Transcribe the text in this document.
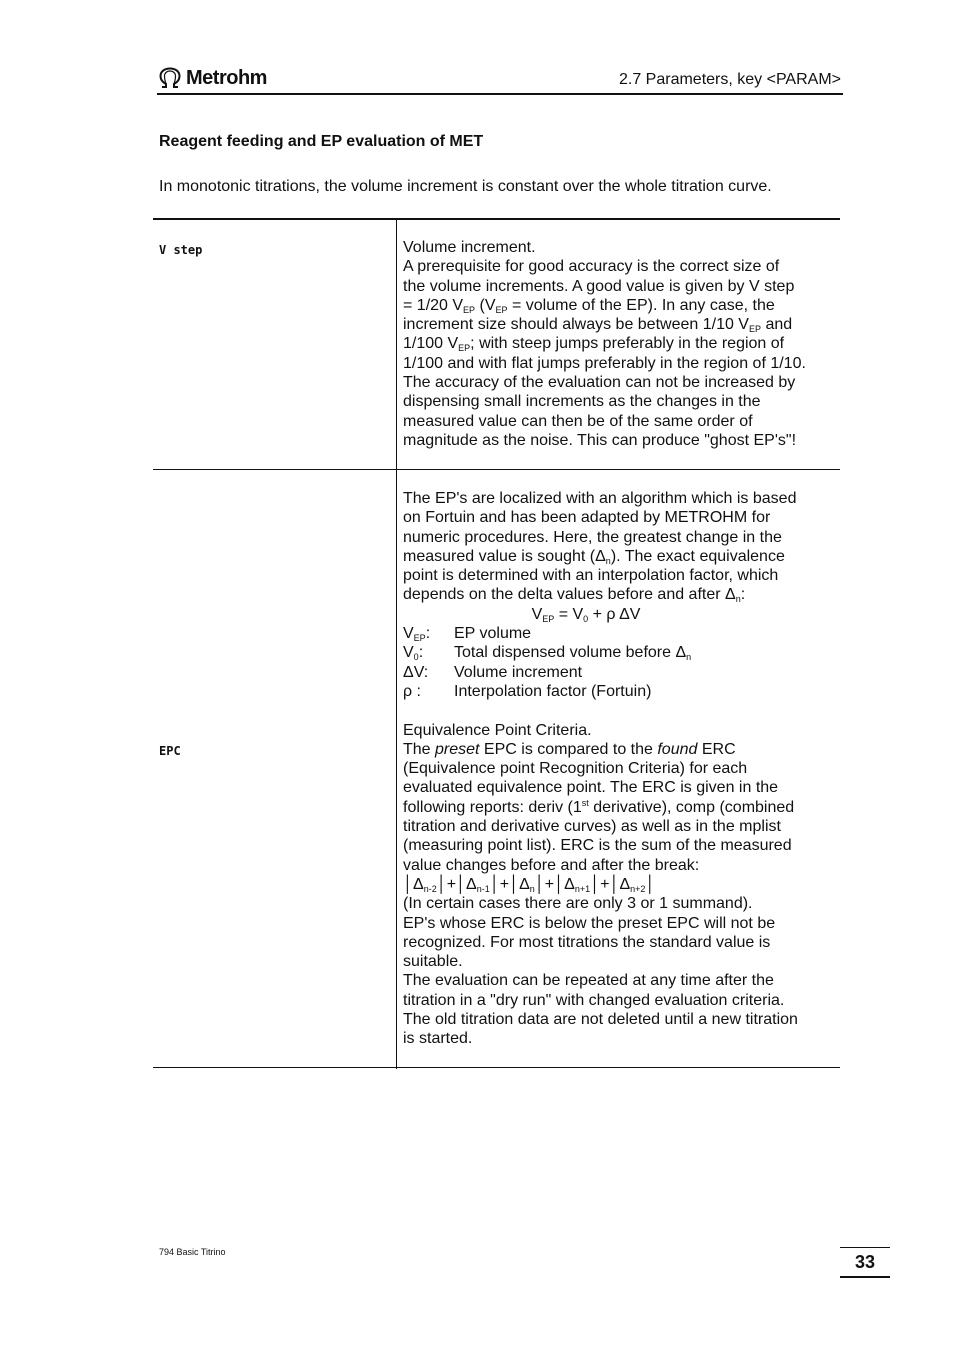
Metrohm	2.7 Parameters, key <PARAM>
Reagent feeding and EP evaluation of MET
In monotonic titrations, the volume increment is constant over the whole titration curve.
V step	Volume increment.

A prerequisite for good accuracy is the correct size of

the volume increments. A good value is given by V step

= 1/20 $V_{EP}$ ($V_{EP}$ = volume of the EP). In any case, the

increment size should always be between 1/10 $V_{EP}$ and

1/100 $V_{EP}$; with steep jumps preferably in the region of

1/100 and with flat jumps preferably in the region of 1/10.

The accuracy of the evaluation can not be increased by

dispensing small increments as the changes in the

measured value can then be of the same order of

magnitude as the noise. This can produce "ghost EP's"!

EPC

The EP's are localized with an algorithm which is based

on Fortuin and has been adapted by METROHM for

numeric procedures. Here, the greatest change in the

measured value is sought $(\Delta_n)$. The exact equivalence

point is determined with an interpolation factor, which

depends on the delta values before and after $\Delta_n$:

$V_{EP} = V_0 + \rho$ ΔV

$V_{EP}$:	EP volume
$V_0$:	Total dispensed volume before $\Delta_n$
ΔV:	Volume increment
ρ :	Interpolation factor (Fortuin)

Equivalence Point Criteria.

The preset EPC is compared to the found ERC

(Equivalence point Recognition Criteria) for each

evaluated equivalence point. The ERC is given in the

following reports: deriv (1st derivative), comp (combined

titration and derivative curves) as well as in the mplist

(measuring point list). ERC is the sum of the measured

value changes before and after the break:

$│\Delta_{n-2}│+│\Delta_{n-1}│+│\Delta_n│+│\Delta_{n+1}│+│\Delta_{n+2}│$

(In certain cases there are only 3 or 1 summand).

EP's whose ERC is below the preset EPC will not be

recognized. For most titrations the standard value is

suitable.

The evaluation can be repeated at any time after the

titration in a "dry run" with changed evaluation criteria.

The old titration data are not deleted until a new titration

is started.

794 Basic Titrino	33
